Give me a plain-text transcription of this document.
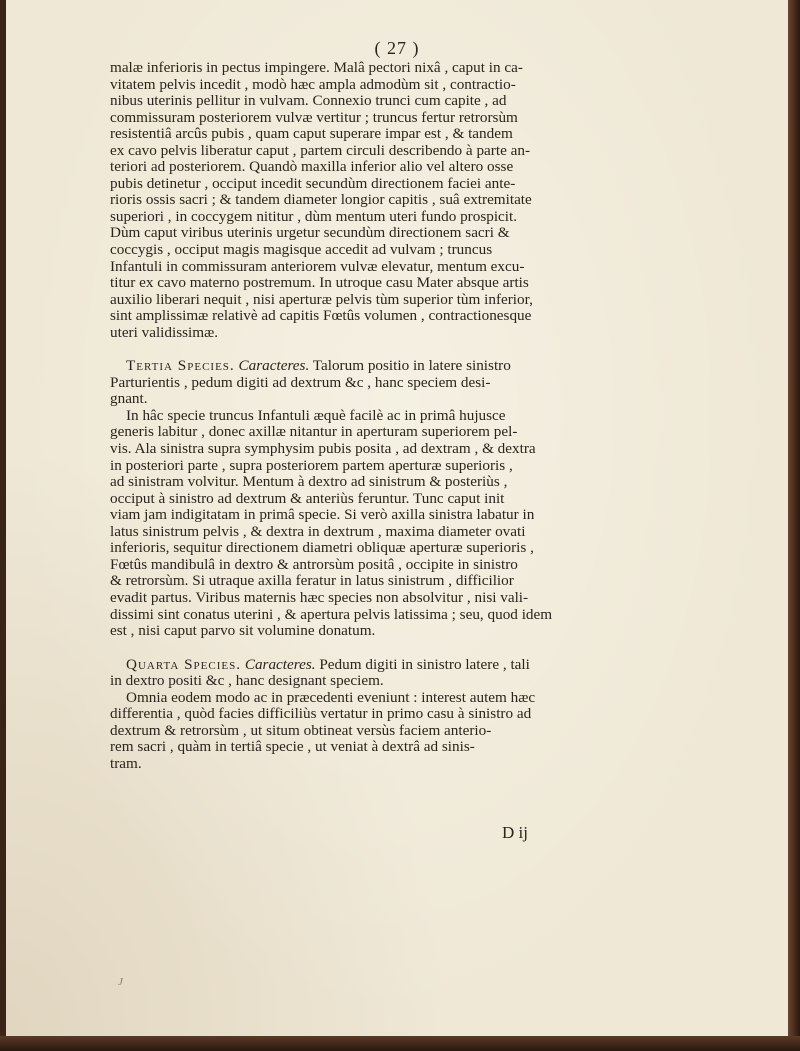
( 27 )
malæ inferioris in pectus impingere. Malâ pectori nixâ , caput in ca-
vitatem pelvis incedit , modò hæc ampla admodùm sit , contractio-
nibus uterinis pellitur in vulvam. Connexio trunci cum capite , ad
commissuram posteriorem vulvæ vertitur ; truncus fertur retrorsùm
resistentiâ arcûs pubis , quam caput superare impar est , & tandem
ex cavo pelvis liberatur caput , partem circuli describendo à parte an-
teriori ad posteriorem. Quandò maxilla inferior alio vel altero osse
pubis detinetur , occiput incedit secundùm directionem faciei ante-
rioris ossis sacri ; & tandem diameter longior capitis , suâ extremitate
superiori , in coccygem nititur , dùm mentum uteri fundo prospicit.
Dùm caput viribus uterinis urgetur secundùm directionem sacri &
coccygis , occiput magis magisque accedit ad vulvam ; truncus
Infantuli in commissuram anteriorem vulvæ elevatur, mentum excu-
titur ex cavo materno postremum. In utroque casu Mater absque artis
auxilio liberari nequit , nisi aperturæ pelvis tùm superior tùm inferior,
sint amplissimæ relativè ad capitis Fœtûs volumen , contractionesque
uteri validissimæ.
Tertia Species. Caracteres. Talorum positio in latere sinistro
Parturientis , pedum digiti ad dextrum &c , hanc speciem desi-
gnant.
In hâc specie truncus Infantuli æquè facilè ac in primâ hujusce
generis labitur , donec axillæ nitantur in aperturam superiorem pel-
vis. Ala sinistra supra symphysim pubis posita , ad dextram , & dextra
in posteriori parte , supra posteriorem partem aperturæ superioris ,
ad sinistram volvitur. Mentum à dextro ad sinistrum & posteriùs ,
occiput à sinistro ad dextrum & anteriùs feruntur. Tunc caput init
viam jam indigitatam in primâ specie. Si verò axilla sinistra labatur in
latus sinistrum pelvis , & dextra in dextrum , maxima diameter ovati
inferioris, sequitur directionem diametri obliquæ aperturæ superioris ,
Fœtûs mandibulâ in dextro & antrorsùm positâ , occipite in sinistro
& retrorsùm. Si utraque axilla feratur in latus sinistrum , difficilior
evadit partus. Viribus maternis hæc species non absolvitur , nisi vali-
dissimi sint conatus uterini , & apertura pelvis latissima ; seu, quod idem
est , nisi caput parvo sit volumine donatum.
Quarta Species. Caracteres. Pedum digiti in sinistro latere , tali
in dextro positi &c , hanc designant speciem.
Omnia eodem modo ac in præcedenti eveniunt : interest autem hæc
differentia , quòd facies difficiliùs vertatur in primo casu à sinistro ad
dextrum & retrorsùm , ut situm obtineat versùs faciem anterio-
rem sacri , quàm in tertiâ specie , ut veniat à dextrâ ad sinis-
tram.
D ij
J
